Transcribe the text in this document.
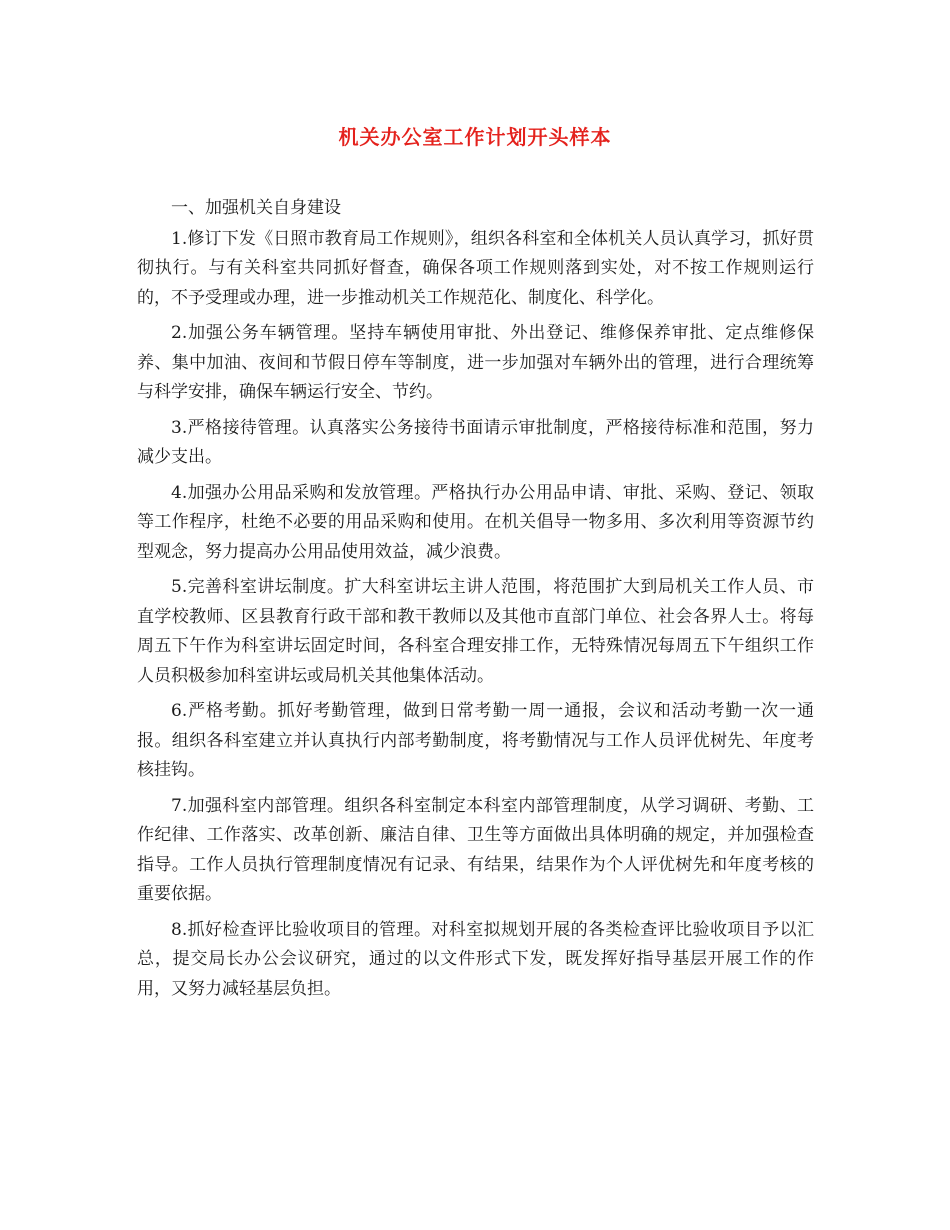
机关办公室工作计划开头样本

一、加强机关自身建设

1.修订下发《日照市教育局工作规则》，组织各科室和全体机关人员认真学习，抓好贯彻执行。与有关科室共同抓好督查，确保各项工作规则落到实处，对不按工作规则运行的，不予受理或办理，进一步推动机关工作规范化、制度化、科学化。

2.加强公务车辆管理。坚持车辆使用审批、外出登记、维修保养审批、定点维修保养、集中加油、夜间和节假日停车等制度，进一步加强对车辆外出的管理，进行合理统筹与科学安排，确保车辆运行安全、节约。

3.严格接待管理。认真落实公务接待书面请示审批制度，严格接待标准和范围，努力减少支出。

4.加强办公用品采购和发放管理。严格执行办公用品申请、审批、采购、登记、领取等工作程序，杜绝不必要的用品采购和使用。在机关倡导一物多用、多次利用等资源节约型观念，努力提高办公用品使用效益，减少浪费。

5.完善科室讲坛制度。扩大科室讲坛主讲人范围，将范围扩大到局机关工作人员、市直学校教师、区县教育行政干部和教干教师以及其他市直部门单位、社会各界人士。将每周五下午作为科室讲坛固定时间，各科室合理安排工作，无特殊情况每周五下午组织工作人员积极参加科室讲坛或局机关其他集体活动。

6.严格考勤。抓好考勤管理，做到日常考勤一周一通报，会议和活动考勤一次一通报。组织各科室建立并认真执行内部考勤制度，将考勤情况与工作人员评优树先、年度考核挂钩。

7.加强科室内部管理。组织各科室制定本科室内部管理制度，从学习调研、考勤、工作纪律、工作落实、改革创新、廉洁自律、卫生等方面做出具体明确的规定，并加强检查指导。工作人员执行管理制度情况有记录、有结果，结果作为个人评优树先和年度考核的重要依据。

8.抓好检查评比验收项目的管理。对科室拟规划开展的各类检查评比验收项目予以汇总，提交局长办公会议研究，通过的以文件形式下发，既发挥好指导基层开展工作的作用，又努力减轻基层负担。
